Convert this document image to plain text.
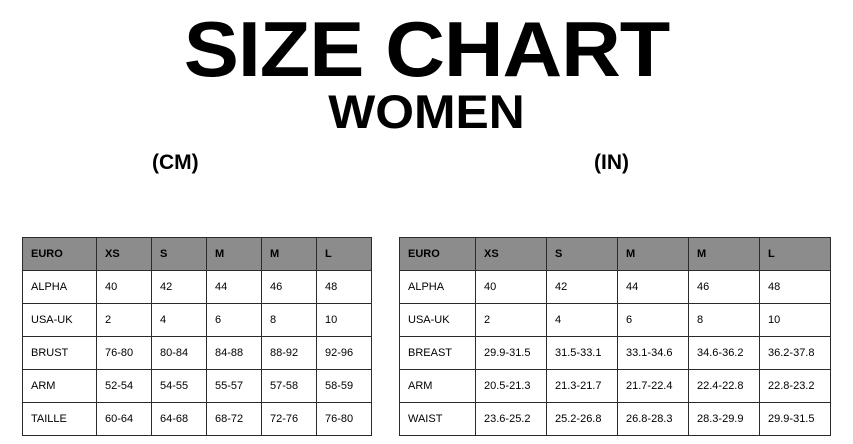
SIZE CHART
WOMEN
(CM)	(IN)
EURO	XS	S	M	M	L
ALPHA	40	42	44	46	48
USA-UK	2	4	6	8	10
BRUST	76-80	80-84	84-88	88-92	92-96
ARM	52-54	54-55	55-57	57-58	58-59
TAILLE	60-64	64-68	68-72	72-76	76-80
EURO	XS	S	M	M	L
ALPHA	40	42	44	46	48
USA-UK	2	4	6	8	10
BREAST	29.9-31.5	31.5-33.1	33.1-34.6	34.6-36.2	36.2-37.8
ARM	20.5-21.3	21.3-21.7	21.7-22.4	22.4-22.8	22.8-23.2
WAIST	23.6-25.2	25.2-26.8	26.8-28.3	28.3-29.9	29.9-31.5
